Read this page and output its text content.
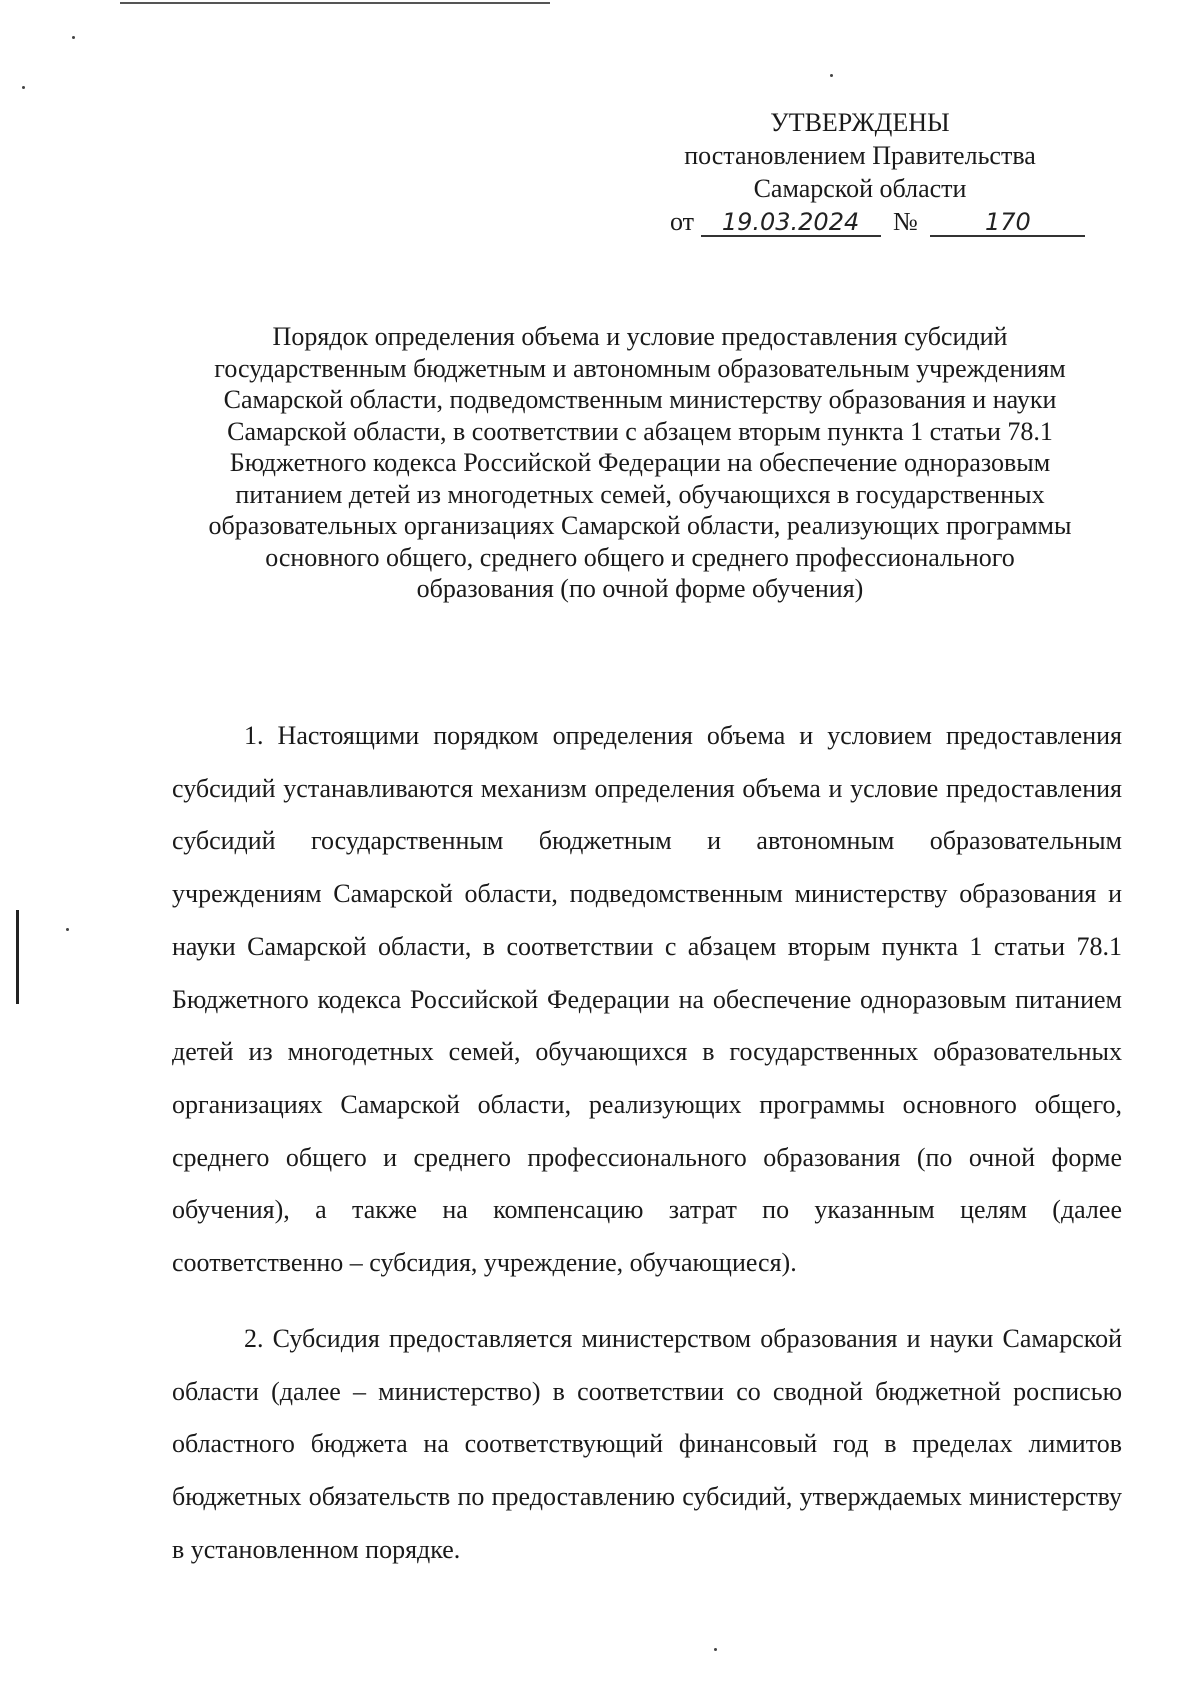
УТВЕРЖДЕНЫ
постановлением Правительства
Самарской области
от 19.03.2024 №	170
Порядок определения объема и условие предоставления субсидий
государственным бюджетным и автономным образовательным учреждениям
Самарской области, подведомственным министерству образования и науки
Самарской области, в соответствии с абзацем вторым пункта 1 статьи 78.1
Бюджетного кодекса Российской Федерации на обеспечение одноразовым
питанием детей из многодетных семей, обучающихся в государственных
образовательных организациях Самарской области, реализующих программы
основного общего, среднего общего и среднего профессионального
образования (по очной форме обучения)

1. Настоящими порядком определения объема и условием предоставления субсидий устанавливаются механизм определения объема и условие предоставления субсидий государственным бюджетным и автономным образовательным учреждениям Самарской области, подведомственным министерству образования и науки Самарской области, в соответствии с абзацем вторым пункта 1 статьи 78.1 Бюджетного кодекса Российской Федерации на обеспечение одноразовым питанием детей из многодетных семей, обучающихся в государственных образовательных организациях Самарской области, реализующих программы основного общего, среднего общего и среднего профессионального образования (по очной форме обучения), а также на компенсацию затрат по указанным целям (далее соответственно – субсидия, учреждение, обучающиеся).

2. Субсидия предоставляется министерством образования и науки Самарской области (далее – министерство) в соответствии со сводной бюджетной росписью областного бюджета на соответствующий финансовый год в пределах лимитов бюджетных обязательств по предоставлению субсидий, утверждаемых министерству в установленном порядке.
